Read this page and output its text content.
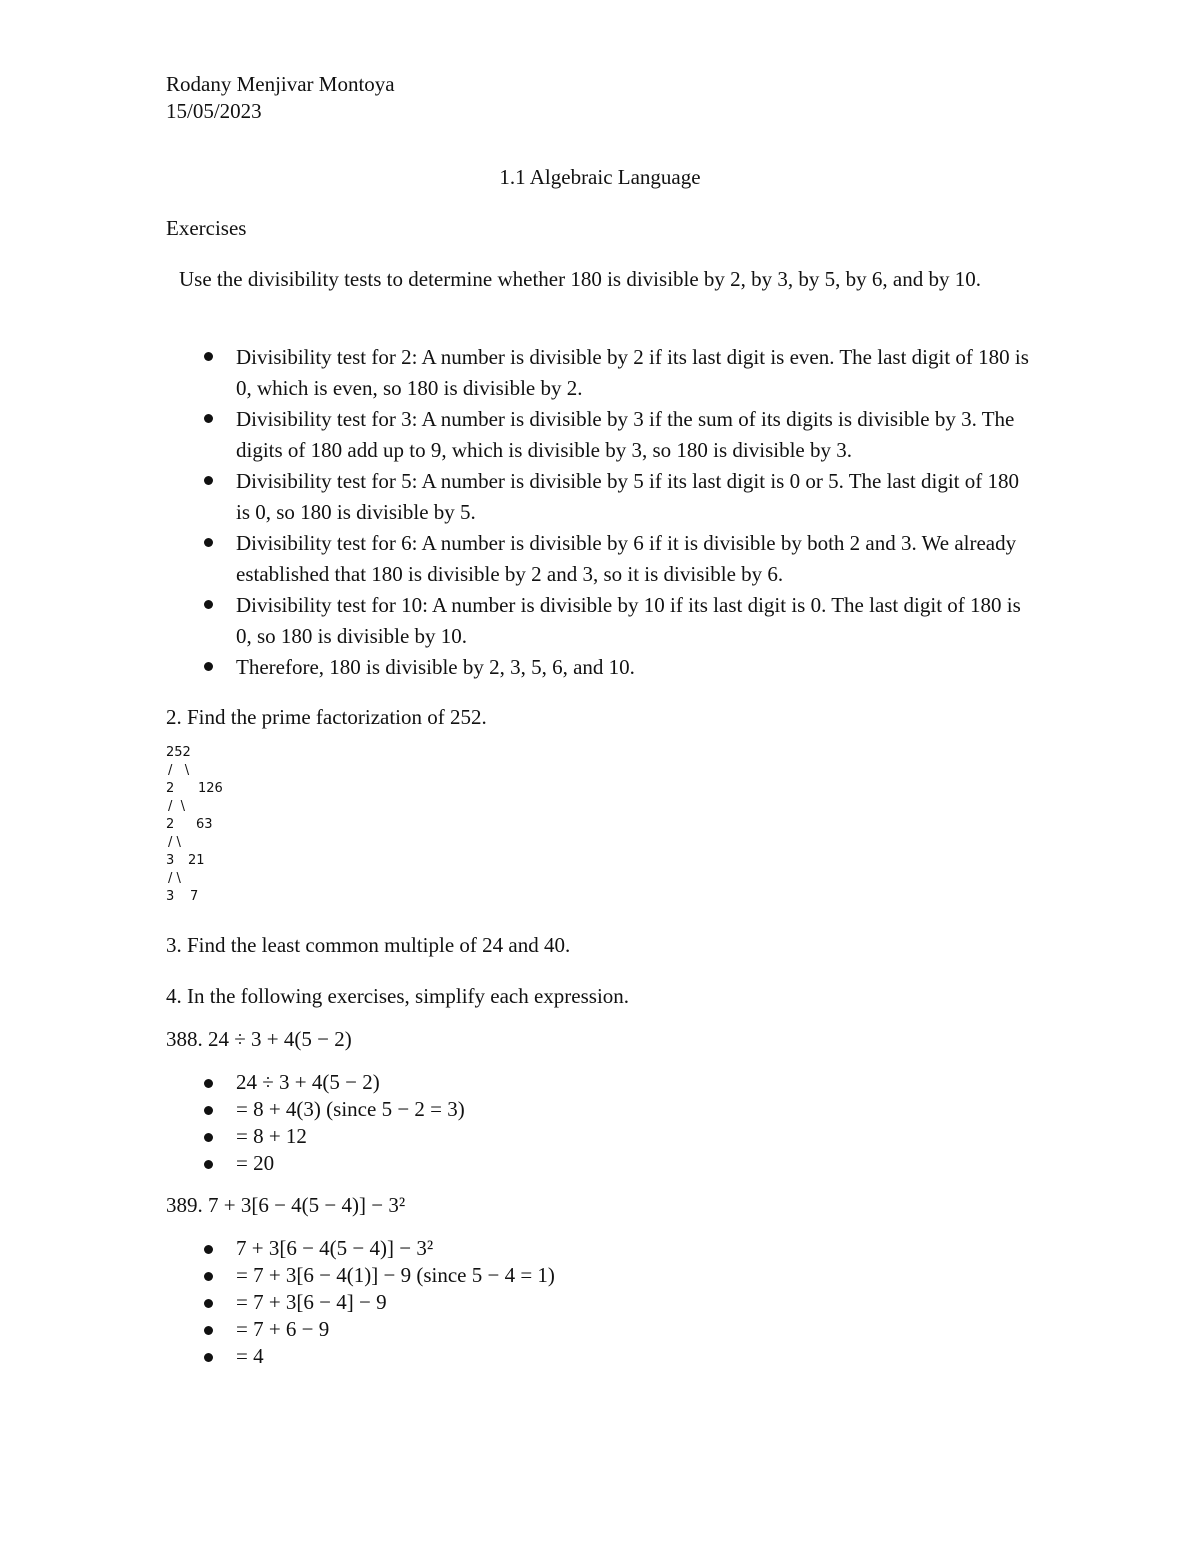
Rodany Menjivar Montoya
15/05/2023
1.1 Algebraic Language
Exercises
Use the divisibility tests to determine whether 180 is divisible by 2, by 3, by 5, by 6, and by 10.
Divisibility test for 2: A number is divisible by 2 if its last digit is even. The last digit of 180 is 0, which is even, so 180 is divisible by 2.
Divisibility test for 3: A number is divisible by 3 if the sum of its digits is divisible by 3. The digits of 180 add up to 9, which is divisible by 3, so 180 is divisible by 3.
Divisibility test for 5: A number is divisible by 5 if its last digit is 0 or 5. The last digit of 180 is 0, so 180 is divisible by 5.
Divisibility test for 6: A number is divisible by 6 if it is divisible by both 2 and 3. We already established that 180 is divisible by 2 and 3, so it is divisible by 6.
Divisibility test for 10: A number is divisible by 10 if its last digit is 0. The last digit of 180 is 0, so 180 is divisible by 10.
Therefore, 180 is divisible by 2, 3, 5, 6, and 10.
2. Find the prime factorization of 252.
252
/   \
2 126
/  \
2 63
/ \
3 21
/ \
3 7
3. Find the least common multiple of 24 and 40.
4. In the following exercises, simplify each expression.
388. 24 ÷ 3 + 4(5 − 2)
24 ÷ 3 + 4(5 − 2)
= 8 + 4(3) (since 5 − 2 = 3)
= 8 + 12
= 20
389. 7 + 3[6 − 4(5 − 4)] − 3²
7 + 3[6 − 4(5 − 4)] − 3²
= 7 + 3[6 − 4(1)] − 9 (since 5 − 4 = 1)
= 7 + 3[6 − 4] − 9
= 7 + 6 − 9
= 4
